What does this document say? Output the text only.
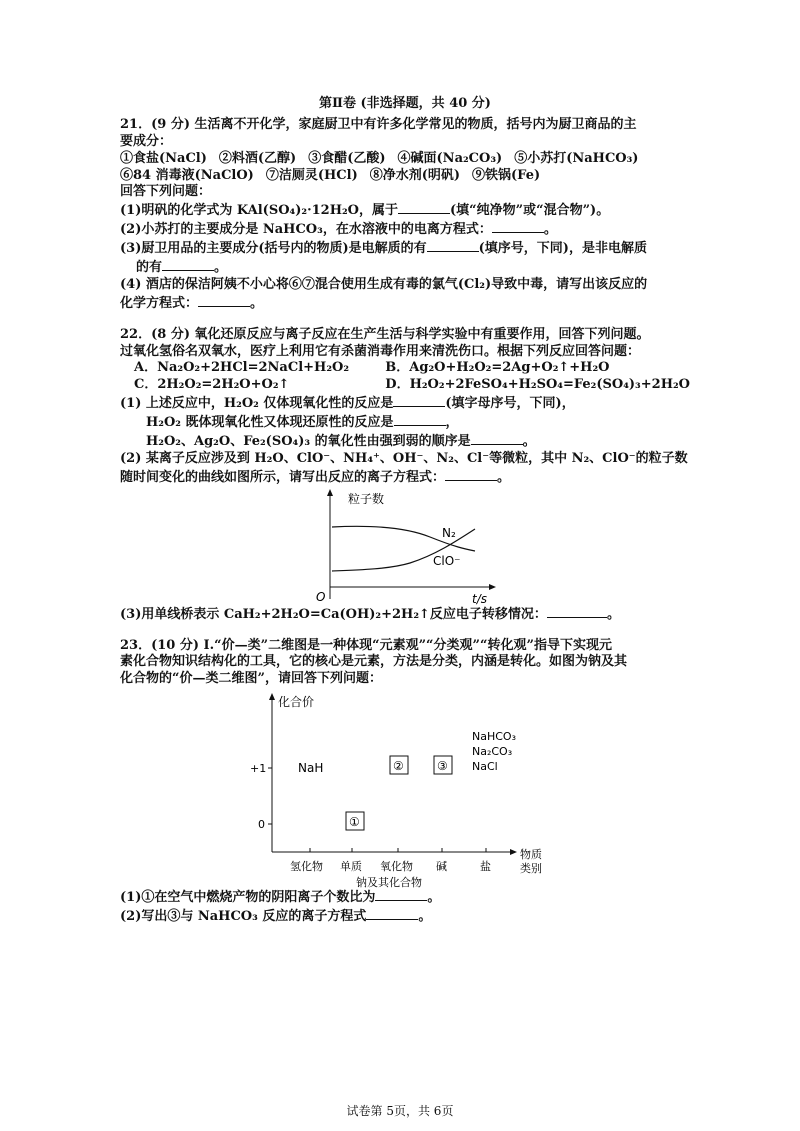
第Ⅱ卷 (非选择题，共 40 分)

21．(9 分) 生活离不开化学，家庭厨卫中有许多化学常见的物质，括号内为厨卫商品的主

要成分：

①食盐(NaCl) ②料酒(乙醇) ③食醋(乙酸) ④碱面(Na₂CO₃) ⑤小苏打(NaHCO₃)

⑥84 消毒液(NaClO) ⑦洁厕灵(HCl) ⑧净水剂(明矾) ⑨铁锅(Fe)

回答下列问题：

(1)明矾的化学式为 KAl(SO₄)₂·12H₂O，属于	(填“纯净物”或“混合物”)。

(2)小苏打的主要成分是 NaHCO₃，在水溶液中的电离方程式：	。

(3)厨卫用品的主要成分(括号内的物质)是电解质的有	(填序号，下同)，是非电解质

的有	。

(4) 酒店的保洁阿姨不小心将⑥⑦混合使用生成有毒的氯气(Cl₂)导致中毒，请写出该反应的

化学方程式：	。

22．(8 分) 氧化还原反应与离子反应在生产生活与科学实验中有重要作用，回答下列问题。

过氧化氢俗名双氧水，医疗上利用它有杀菌消毒作用来清洗伤口。根据下列反应回答问题：

A．Na₂O₂+2HCl=2NaCl+H₂O₂	B．Ag₂O+H₂O₂=2Ag+O₂↑+H₂O

C．2H₂O₂=2H₂O+O₂↑	D．H₂O₂+2FeSO₄+H₂SO₄=Fe₂(SO₄)₃+2H₂O

(1) 上述反应中，H₂O₂ 仅体现氧化性的反应是	(填字母序号，下同)，

H₂O₂ 既体现氧化性又体现还原性的反应是	，

H₂O₂、Ag₂O、Fe₂(SO₄)₃ 的氧化性由强到弱的顺序是	。

(2) 某离子反应涉及到 H₂O、ClO⁻、NH₄⁺、OH⁻、N₂、Cl⁻等微粒，其中 N₂、ClO⁻的粒子数

随时间变化的曲线如图所示，请写出反应的离子方程式：	。

粒子数
O	t/s
N₂
ClO⁻

(3)用单线桥表示 CaH₂+2H₂O=Ca(OH)₂+2H₂↑反应电子转移情况：	。

23．(10 分) Ⅰ.“价—类”二维图是一种体现“元素观”“分类观”“转化观”指导下实现元

素化合物知识结构化的工具，它的核心是元素，方法是分类，内涵是转化。如图为钠及其

化合物的“价—类二维图”，请回答下列问题：

化合价
+1
0
氢化物 单质 氧化物 碱	盐
物质
类别
钠及其化合物
NaH
①
②	③
NaHCO₃
Na₂CO₃
NaCl

(1)①在空气中燃烧产物的阴阳离子个数比为	。

(2)写出③与 NaHCO₃ 反应的离子方程式	。

试卷第 5页，共 6页
